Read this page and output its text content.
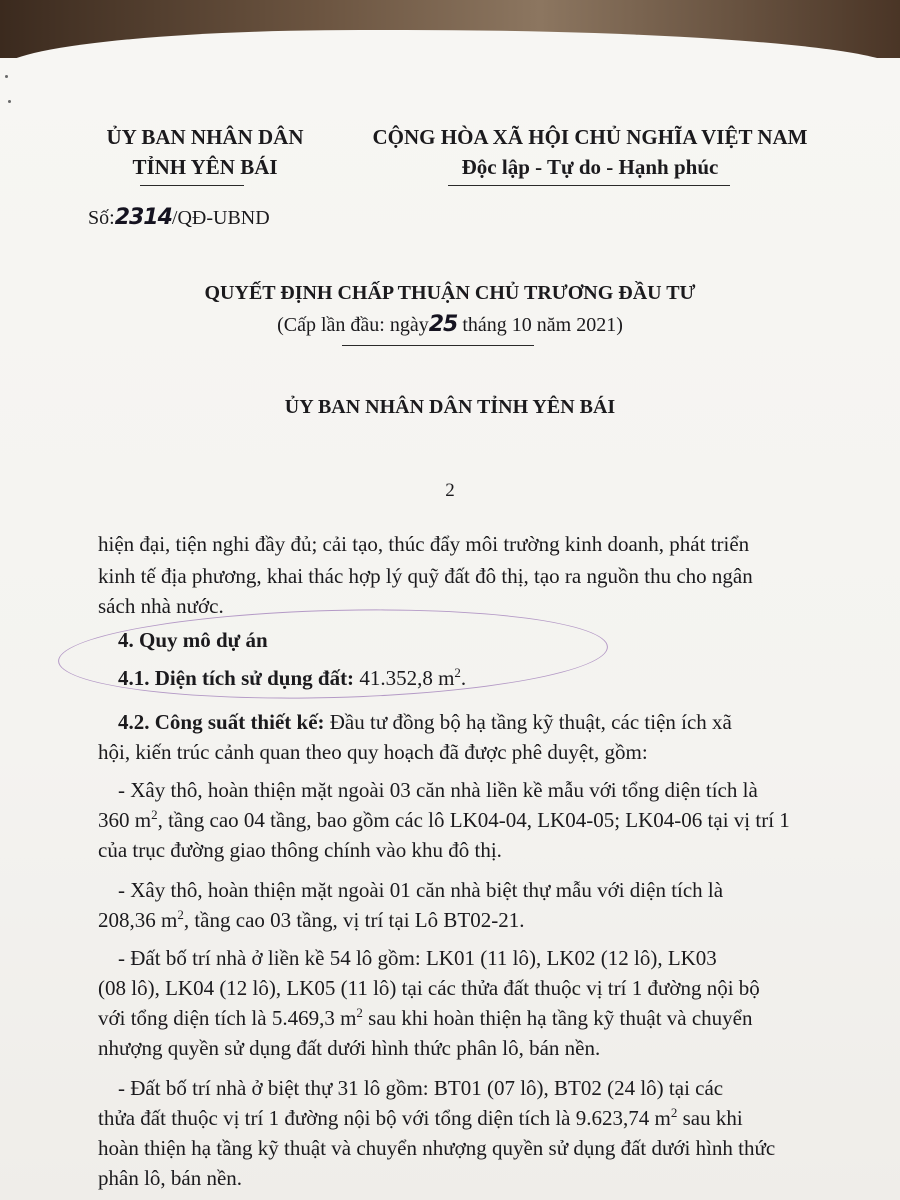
ỦY BAN NHÂN DÂN
TỈNH YÊN BÁI
CỘNG HÒA XÃ HỘI CHỦ NGHĨA VIỆT NAM
Độc lập - Tự do - Hạnh phúc
Số:2314/QĐ-UBND
QUYẾT ĐỊNH CHẤP THUẬN CHỦ TRƯƠNG ĐẦU TƯ
(Cấp lần đầu: ngày25 tháng 10 năm 2021)
ỦY BAN NHÂN DÂN TỈNH YÊN BÁI
2
hiện đại, tiện nghi đầy đủ; cải tạo, thúc đẩy môi trường kinh doanh, phát triển
kinh tế địa phương, khai thác hợp lý quỹ đất đô thị, tạo ra nguồn thu cho ngân
sách nhà nước.
4. Quy mô dự án
4.1. Diện tích sử dụng đất: 41.352,8 $m^2$.
4.2. Công suất thiết kế: Đầu tư đồng bộ hạ tầng kỹ thuật, các tiện ích xã
hội, kiến trúc cảnh quan theo quy hoạch đã được phê duyệt, gồm:
- Xây thô, hoàn thiện mặt ngoài 03 căn nhà liền kề mẫu với tổng diện tích là
360 $m^2$, tầng cao 04 tầng, bao gồm các lô LK04-04, LK04-05; LK04-06 tại vị trí 1
của trục đường giao thông chính vào khu đô thị.
- Xây thô, hoàn thiện mặt ngoài 01 căn nhà biệt thự mẫu với diện tích là
208,36 $m^2$, tầng cao 03 tầng, vị trí tại Lô BT02-21.
- Đất bố trí nhà ở liền kề 54 lô gồm: LK01 (11 lô), LK02 (12 lô), LK03
(08 lô), LK04 (12 lô), LK05 (11 lô) tại các thửa đất thuộc vị trí 1 đường nội bộ
với tổng diện tích là 5.469,3 $m^2$ sau khi hoàn thiện hạ tầng kỹ thuật và chuyển
nhượng quyền sử dụng đất dưới hình thức phân lô, bán nền.
- Đất bố trí nhà ở biệt thự 31 lô gồm: BT01 (07 lô), BT02 (24 lô) tại các
thửa đất thuộc vị trí 1 đường nội bộ với tổng diện tích là 9.623,74 $m^2$ sau khi
hoàn thiện hạ tầng kỹ thuật và chuyển nhượng quyền sử dụng đất dưới hình thức
phân lô, bán nền.
